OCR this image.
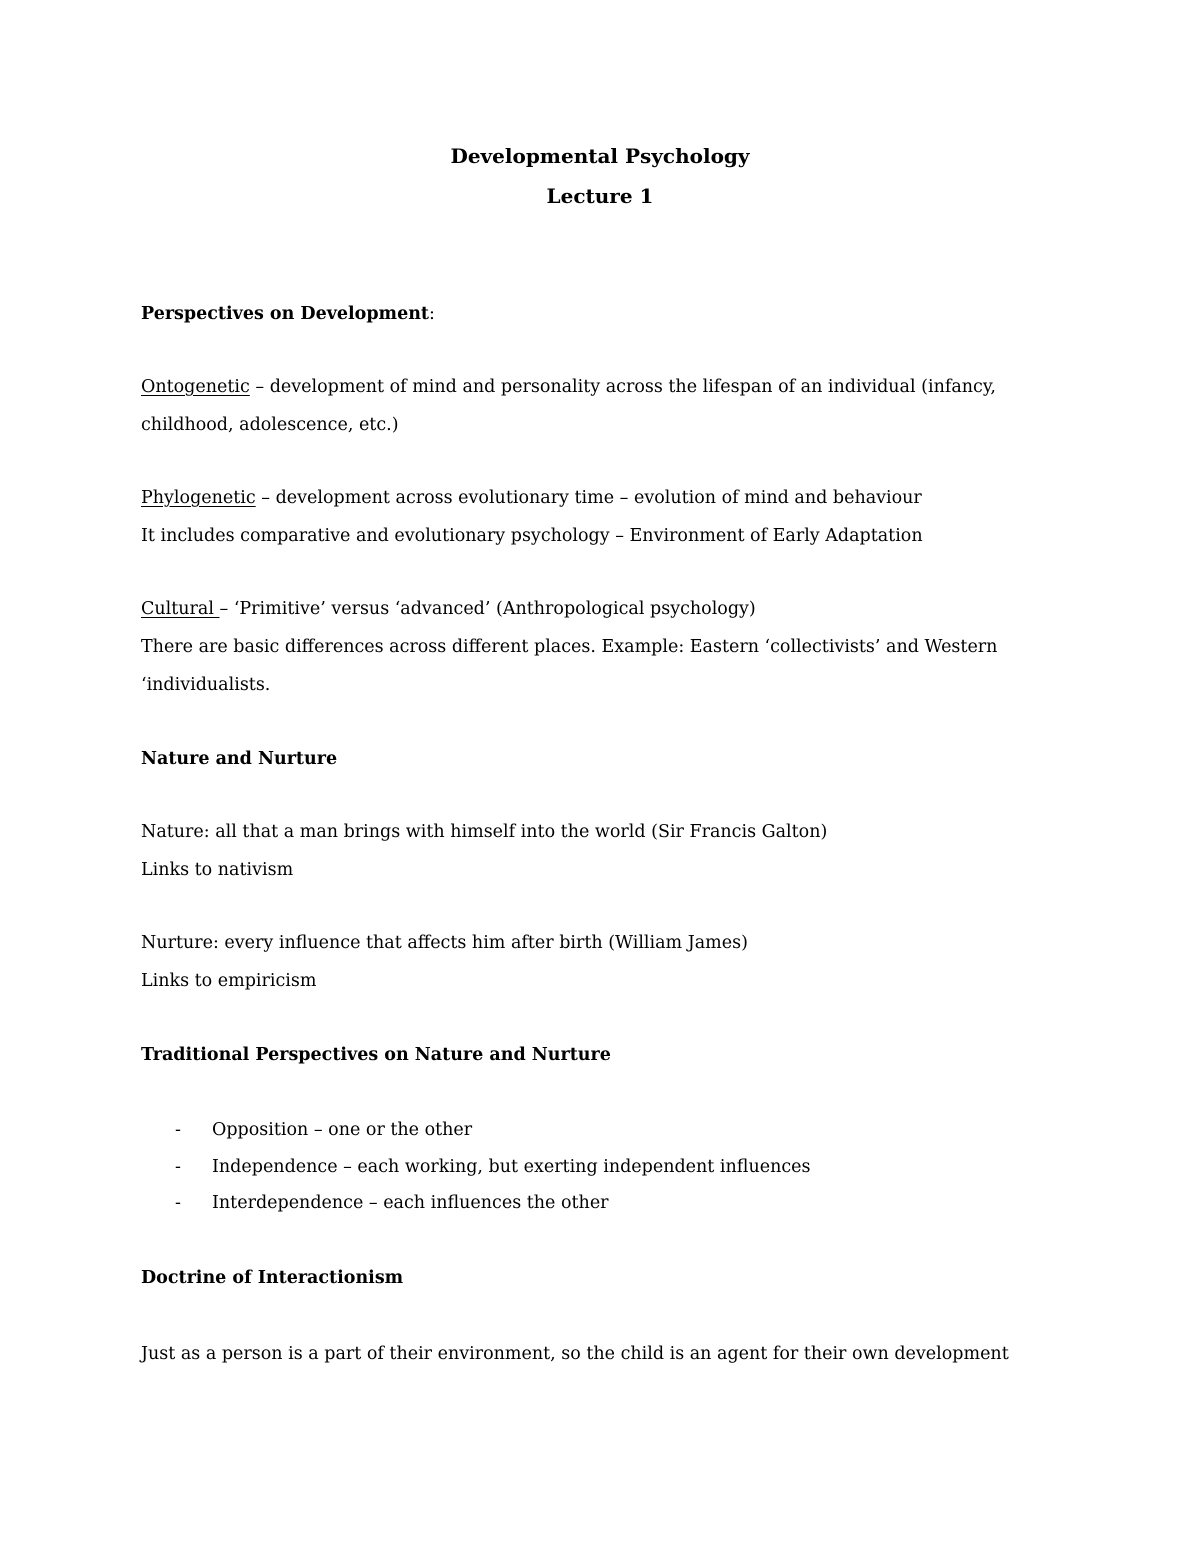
Developmental Psychology
Lecture 1
Perspectives on Development:
Ontogenetic – development of mind and personality across the lifespan of an individual (infancy,
childhood, adolescence, etc.)
Phylogenetic – development across evolutionary time – evolution of mind and behaviour
It includes comparative and evolutionary psychology – Environment of Early Adaptation
Cultural – ‘Primitive’ versus ‘advanced’ (Anthropological psychology)
There are basic differences across different places. Example: Eastern ‘collectivists’ and Western
‘individualists.
Nature and Nurture
Nature: all that a man brings with himself into the world (Sir Francis Galton)
Links to nativism
Nurture: every influence that affects him after birth (William James)
Links to empiricism
Traditional Perspectives on Nature and Nurture
- Opposition – one or the other
- Independence – each working, but exerting independent influences
- Interdependence – each influences the other
Doctrine of Interactionism
Just as a person is a part of their environment, so the child is an agent for their own development
